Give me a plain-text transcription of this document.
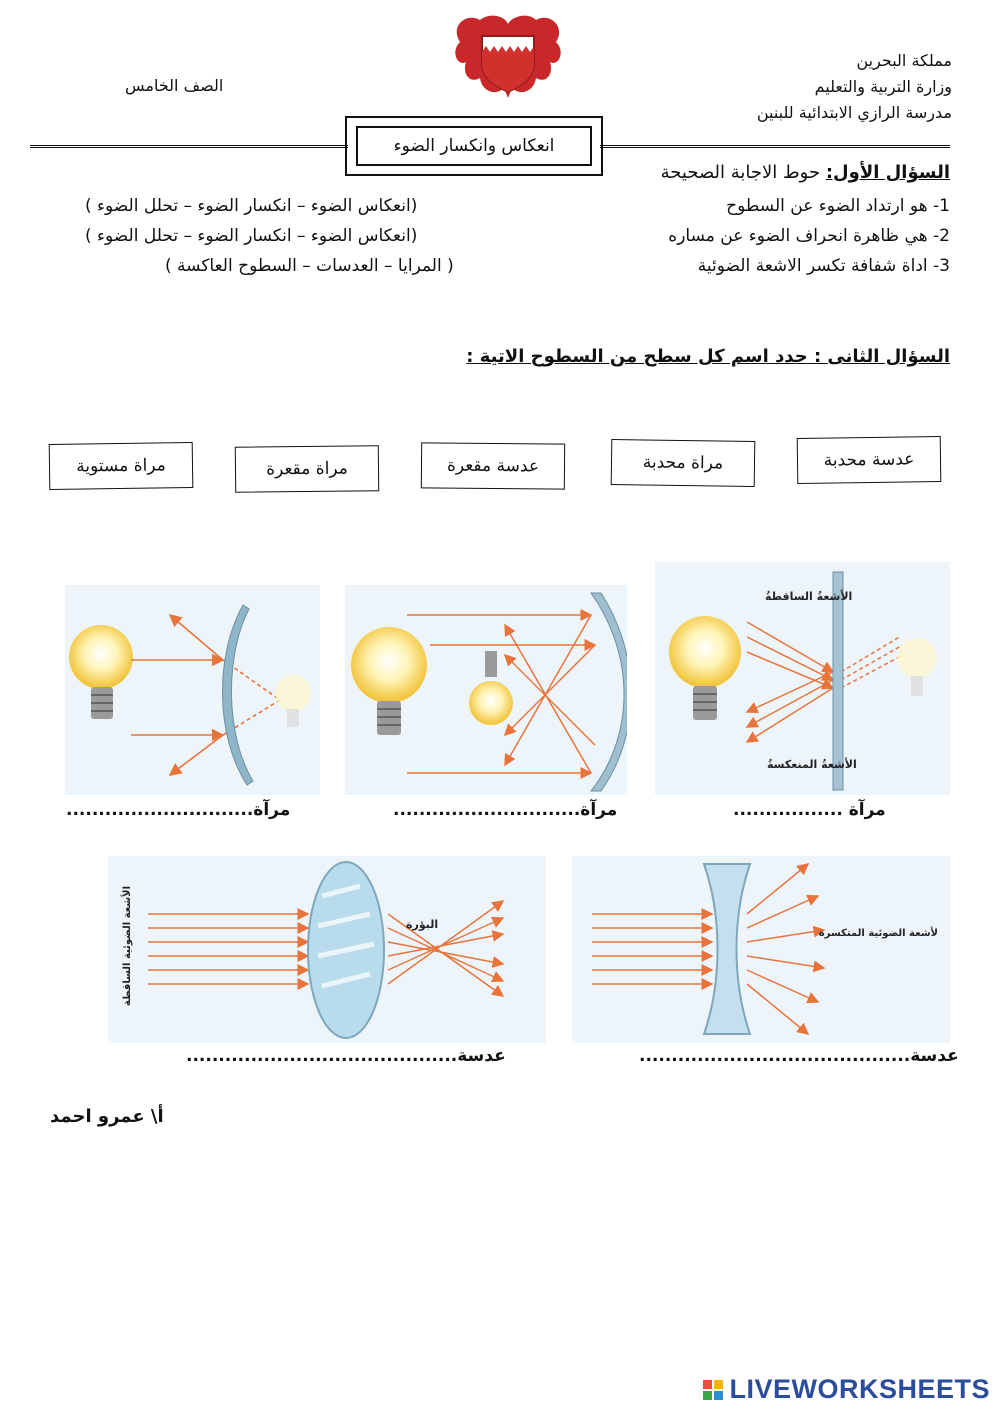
مملكة البحرين
وزارة التربية والتعليم
مدرسة الرازي الابتدائية للبنين
الصف الخامس
انعكاس وانكسار الضوء
السؤال الأول: حوط الاجابة الصحيحة
1- هو ارتداد الضوء عن السطوح
(انعكاس الضوء – انكسار الضوء – تحلل الضوء )
2- هي ظاهرة انحراف الضوء عن مساره
(انعكاس الضوء – انكسار الضوء – تحلل الضوء )
3- اداة شفافة تكسر الاشعة الضوئية
( المرايا – العدسات – السطوح العاكسة )
السؤال الثانى : حدد اسم كل سطح من السطوح الاتية :
عدسة محدبة
مراة محدبة
عدسة مقعرة
مراة مقعرة
مراة مستوية
الأشعةُ الساقطةُ
الأشعةُ المنعكسةُ
مرآة.............................	مرآة.............................	مرآة .................
البؤرة
الأشعة الضوئية الساقطة	لأشعة الضوئية المتكسرة
عدسة..........................................	عدسة..........................................
أ\ عمرو احمد
LIVEWORKSHEETS
